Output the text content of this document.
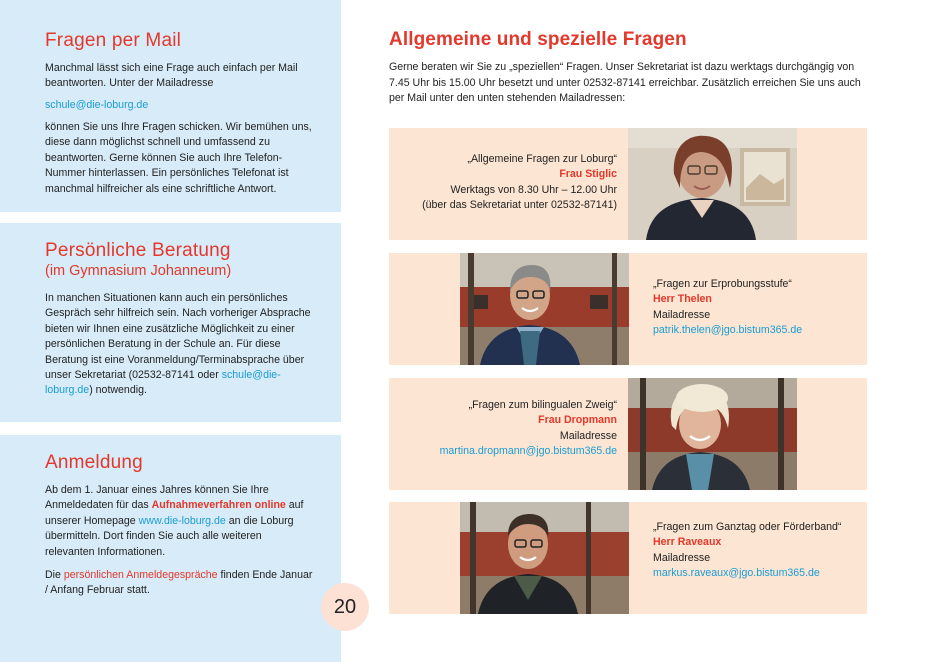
Fragen per Mail

Manchmal lässt sich eine Frage auch einfach per Mail beantworten. Unter der Mailadresse

schule@die-loburg.de

können Sie uns Ihre Fragen schicken. Wir bemühen uns, diese dann möglichst schnell und umfassend zu beantworten. Gerne können Sie auch Ihre Telefon-Nummer hinterlassen. Ein persönliches Telefonat ist manchmal hilfreicher als eine schriftliche Antwort.

Persönliche Beratung

(im Gymnasium Johanneum)

In manchen Situationen kann auch ein persönliches Gespräch sehr hilfreich sein. Nach vorheriger Absprache bieten wir Ihnen eine zusätzliche Möglichkeit zu einer persönlichen Beratung in der Schule an. Für diese Beratung ist eine Voranmeldung/Terminabsprache über unser Sekretariat (02532-87141 oder schule@die-loburg.de) notwendig.

Anmeldung

Ab dem 1. Januar eines Jahres können Sie Ihre Anmeldedaten für das Aufnahmeverfahren online auf unserer Homepage www.die-loburg.de an die Loburg übermitteln. Dort finden Sie auch alle weiteren relevanten Informationen.

Die persönlichen Anmeldegespräche finden Ende Januar / Anfang Februar statt.

20
Allgemeine und spezielle Fragen

Gerne beraten wir Sie zu „speziellen“ Fragen. Unser Sekretariat ist dazu werktags durchgängig von 7.45 Uhr bis 15.00 Uhr besetzt und unter 02532-87141 erreichbar. Zusätzlich erreichen Sie uns auch per Mail unter den unten stehenden Mailadressen:

„Allgemeine Fragen zur Loburg“
Frau Stiglic
Werktags von 8.30 Uhr – 12.00 Uhr
(über das Sekretariat unter 02532-87141)
„Fragen zur Erprobungsstufe“
Herr Thelen
Mailadresse
patrik.thelen@jgo.bistum365.de
„Fragen zum bilingualen Zweig“
Frau Dropmann
Mailadresse
martina.dropmann@jgo.bistum365.de
„Fragen zum Ganztag oder Förderband“
Herr Raveaux
Mailadresse
markus.raveaux@jgo.bistum365.de
